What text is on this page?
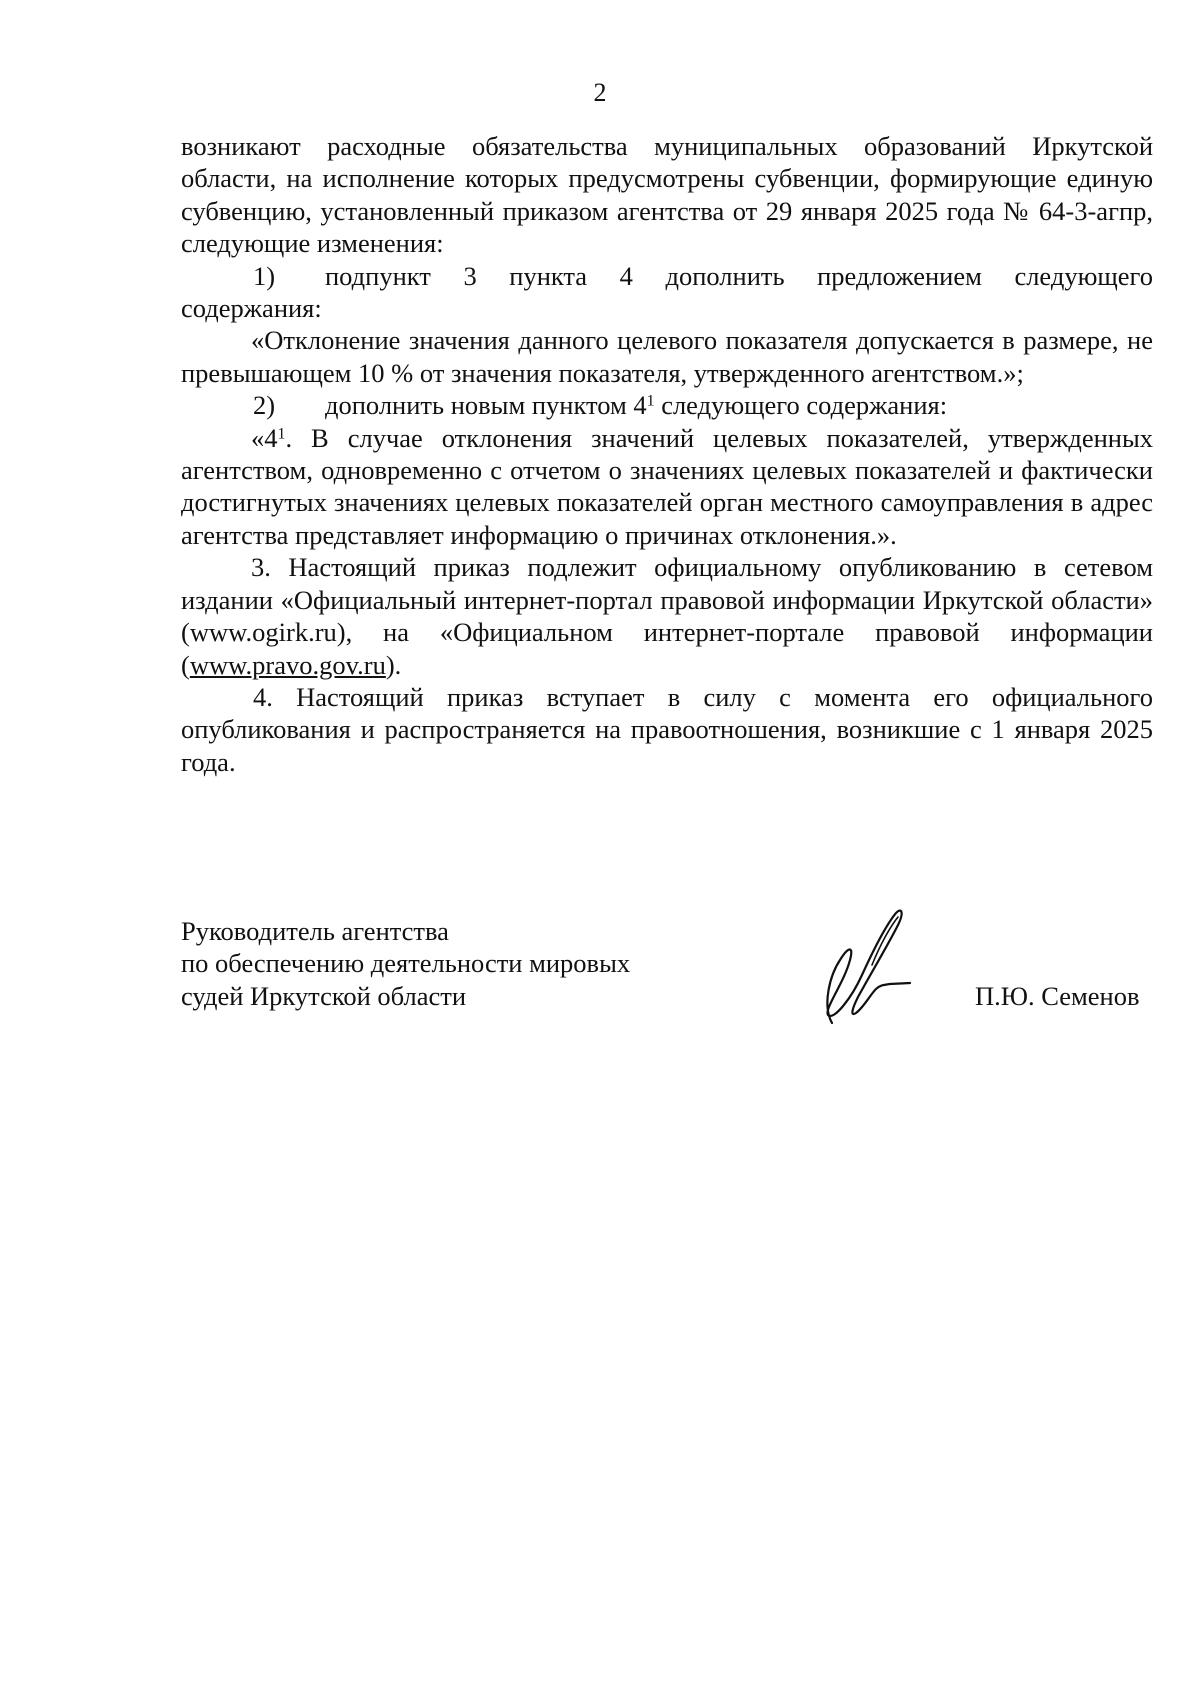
2

возникают расходные обязательства муниципальных образований Иркутской области, на исполнение которых предусмотрены субвенции, формирующие единую субвенцию, установленный приказом агентства от 29 января 2025 года № 64-3-агпр, следующие изменения:

1)	подпункт 3 пункта 4 дополнить предложением следующего

содержания:

«Отклонение значения данного целевого показателя допускается в размере, не превышающем 10 % от значения показателя, утвержденного агентством.»;

2)	дополнить новым пунктом $4^1$ следующего содержания:

«$4^1$. В случае отклонения значений целевых показателей, утвержденных агентством, одновременно с отчетом о значениях целевых показателей и фактически достигнутых значениях целевых показателей орган местного самоуправления в адрес агентства представляет информацию о причинах отклонения.».

3. Настоящий приказ подлежит официальному опубликованию в сетевом издании «Официальный интернет-портал правовой информации Иркутской области» (www.ogirk.ru), на «Официальном интернет-портале правовой информации (www.pravo.gov.ru).

4. Настоящий приказ вступает в силу с момента его официального опубликования и распространяется на правоотношения, возникшие с 1 января 2025 года.

Руководитель агентства
по обеспечению деятельности мировых
судей Иркутской области	П.Ю. Семенов
